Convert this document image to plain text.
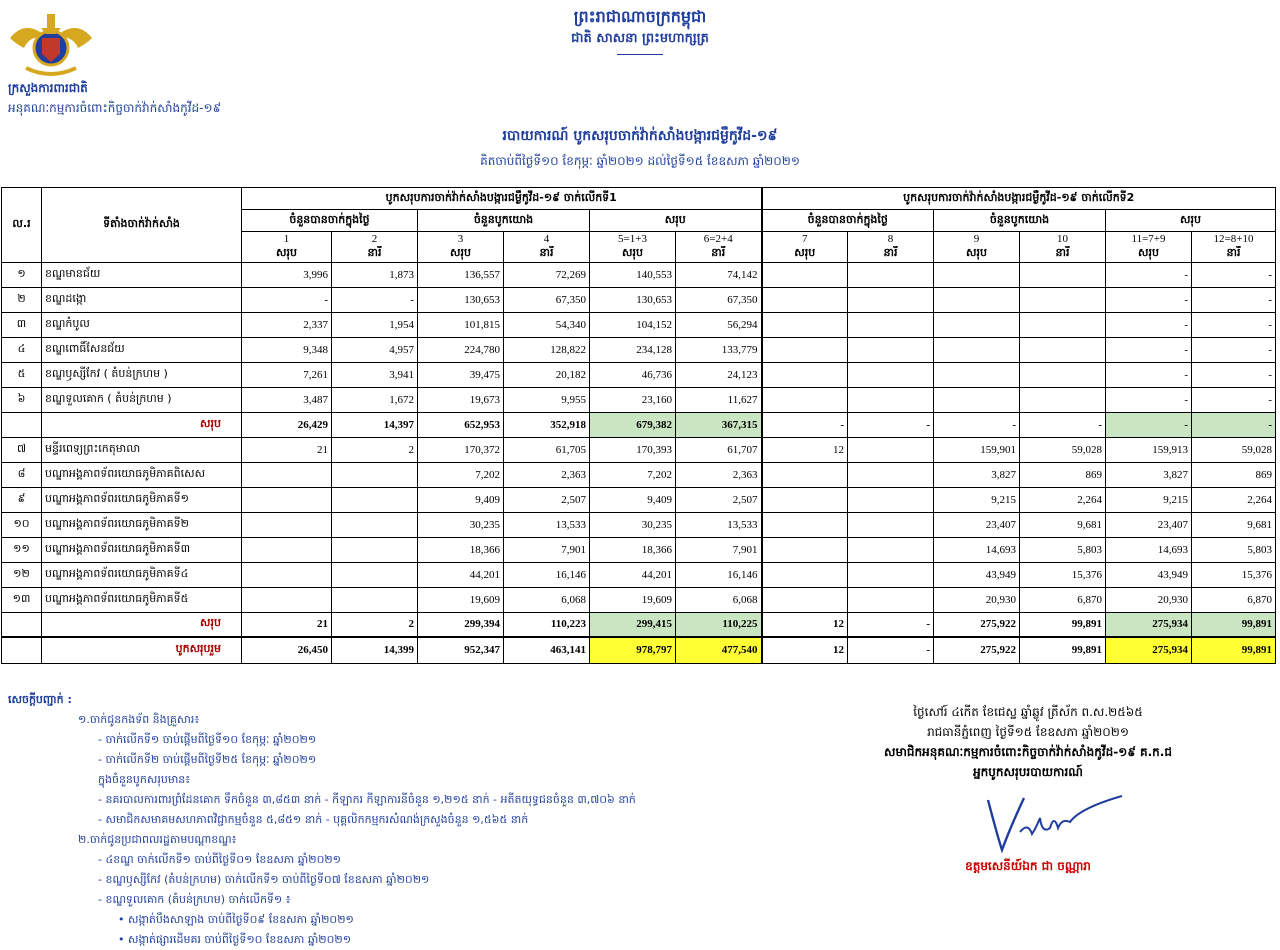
ក្រសួងការពារជាតិ
អនុគណៈកម្មការចំពោះកិច្ចចាក់វ៉ាក់សាំងកូវីដ-១៩
ព្រះរាជាណាចក្រកម្ពុជា
ជាតិ សាសនា ព្រះមហាក្សត្រ
របាយការណ៍ បូកសរុបចាក់វ៉ាក់សាំងបង្ការជម្ងឺកូវីដ-១៩
គិតចាប់ពីថ្ងៃទី១០ ខែកុម្ភៈ ឆ្នាំ២០២១ ដល់ថ្ងៃទី១៥ ខែឧសភា ឆ្នាំ២០២១
ល.រ	ទីតាំងចាក់វ៉ាក់សាំង	បូកសរុបការចាក់វ៉ាក់សាំងបង្ការជម្ងឺកូវីដ-១៩ ចាក់លើកទី1						បូកសរុបការចាក់វ៉ាក់សាំងបង្ការជម្ងឺកូវីដ-១៩ ចាក់លើកទី2					
		ចំនួនបានចាក់ក្នុងថ្ងៃ		ចំនួនបូកយោង		សរុប		ចំនួនបានចាក់ក្នុងថ្ងៃ		ចំនួនបូកយោង		សរុប	
		1	2	3	4	5=1+3	6=2+4	7	8	9	10	11=7+9	12=8+10
		សរុប	នារី	សរុប	នារី	សរុប	នារី	សរុប	នារី	សរុប	នារី	សរុប	នារី
១	ខណ្ឌមានជ័យ	3,996	1,873	136,557	72,269	140,553	74,142					-	-
២	ខណ្ឌដង្កោ	-	-	130,653	67,350	130,653	67,350					-	-
៣	ខណ្ឌកំបូល	2,337	1,954	101,815	54,340	104,152	56,294					-	-
៤	ខណ្ឌពោធិ៍សែនជ័យ	9,348	4,957	224,780	128,822	234,128	133,779					-	-
៥	ខណ្ឌឫស្សីកែវ ( តំបន់ក្រហម )	7,261	3,941	39,475	20,182	46,736	24,123					-	-
៦	ខណ្ឌទួលគោក ( តំបន់ក្រហម )	3,487	1,672	19,673	9,955	23,160	11,627					-	-
	សរុប	26,429	14,397	652,953	352,918	679,382	367,315	-	-	-	-	-	-
៧	មន្ទីរពេទ្យព្រះកេតុមាលា	21	2	170,372	61,705	170,393	61,707	12		159,901	59,028	159,913	59,028
៨	បណ្ឌាអង្គភាពទ័ពរយោធភូមិភាគពិសេស			7,202	2,363	7,202	2,363			3,827	869	3,827	869
៩	បណ្ឌាអង្គភាពទ័ពរយោធភូមិភាគទី១			9,409	2,507	9,409	2,507			9,215	2,264	9,215	2,264
១០	បណ្ឌាអង្គភាពទ័ពរយោធភូមិភាគទី២			30,235	13,533	30,235	13,533			23,407	9,681	23,407	9,681
១១	បណ្ឌាអង្គភាពទ័ពរយោធភូមិភាគទី៣			18,366	7,901	18,366	7,901			14,693	5,803	14,693	5,803
១២	បណ្ឌាអង្គភាពទ័ពរយោធភូមិភាគទី៤			44,201	16,146	44,201	16,146			43,949	15,376	43,949	15,376
១៣	បណ្ឌាអង្គភាពទ័ពរយោធភូមិភាគទី៥			19,609	6,068	19,609	6,068			20,930	6,870	20,930	6,870
	សរុប	21	2	299,394	110,223	299,415	110,225	12	-	275,922	99,891	275,934	99,891
	បូកសរុបរួម	26,450	14,399	952,347	463,141	978,797	477,540	12	-	275,922	99,891	275,934	99,891
សេចក្តីបញ្ជាក់ :
១.ចាក់ជូនកងទ័ព និងគ្រួសារ៖
- ចាក់លើកទី១ ចាប់ផ្តើមពីថ្ងៃទី១០ ខែកុម្ភៈ ឆ្នាំ២០២១
- ចាក់លើកទី២ ចាប់ផ្តើមពីថ្ងៃទី២៥ ខែកុម្ភៈ ឆ្នាំ២០២១
ក្នុងចំនួនបូកសរុបមាន៖
- នគរបាលការពារព្រំដែនគោក ទឹកចំនួន ៣,៨៥៣ នាក់ - កីឡាករ កីឡាការនីចំនួន ១,២១៥ នាក់ - អតីតយុទ្ធជនចំនួន ៣,៧០៦ នាក់
- សមាជិកសមាគមសហភាពវិជ្ជាកម្មចំនួន ៥,៨៥១ នាក់ - បុគ្គលិកកម្មករសំណង់ក្រសួងចំនួន ១,៥៦៥ នាក់
២.ចាក់ជូនប្រជាពលរដ្ឋតាមបណ្តាខណ្ឌ៖
- ៤ខណ្ឌ ចាក់លើកទី១ ចាប់ពីថ្ងៃទី០១ ខែឧសភា ឆ្នាំ២០២១
- ខណ្ឌឫស្សីកែវ (តំបន់ក្រហម) ចាក់លើកទី១ ចាប់ពីថ្ងៃទី០៧ ខែឧសភា ឆ្នាំ២០២១
- ខណ្ឌទួលគោក (តំបន់ក្រហម) ចាក់លើកទី១ ៖
• សង្កាត់បឹងសាឡាង ចាប់ពីថ្ងៃទី០៩ ខែឧសភា ឆ្នាំ២០២១
• សង្កាត់ផ្សារដើមគរ ចាប់ពីថ្ងៃទី១០ ខែឧសភា ឆ្នាំ២០២១
ថ្ងៃសៅរ៍ ៤កើត ខែជេស្ឋ ឆ្នាំឆ្លូវ ត្រីស័ក ព.ស.២៥៦៥
រាជធានីភ្នំពេញ ថ្ងៃទី១៥ ខែឧសភា ឆ្នាំ២០២១
សមាជិកអនុគណៈកម្មការចំពោះកិច្ចចាក់វ៉ាក់សាំងកូវីដ-១៩ គ.ក.ជ
អ្នកបូកសរុបរបាយការណ៍
ឧត្តមសេនីយ៍ឯក ជា ចណ្ណារា
